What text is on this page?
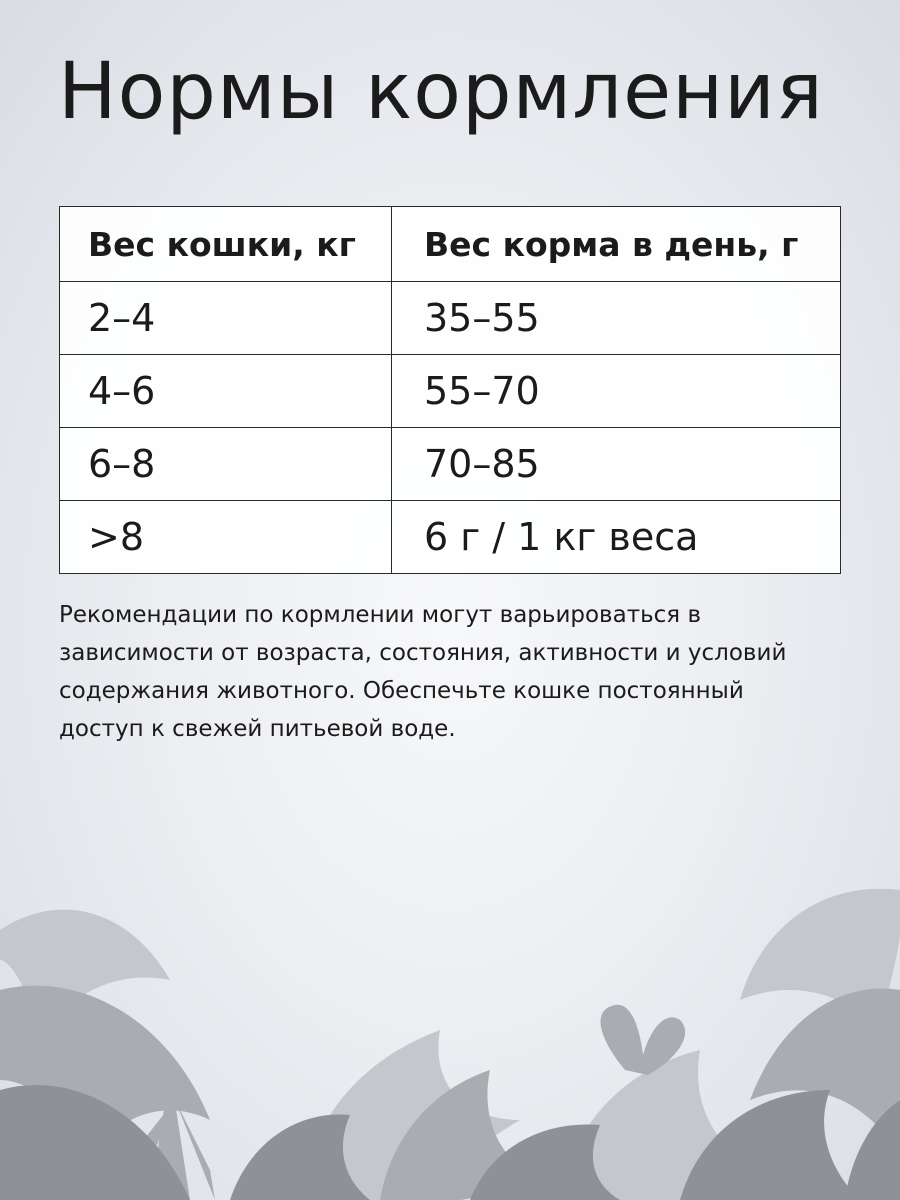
Нормы кормления
Вес кошки, кг	Вес корма в день, г
2–4	35–55
4–6	55–70
6–8	70–85
>8	6 г / 1 кг веса

Рекомендации по кормлении могут варьироваться в зависимости от возраста, состояния, активности и условий содержания животного. Обеспечьте кошке постоянный доступ к свежей питьевой воде.
